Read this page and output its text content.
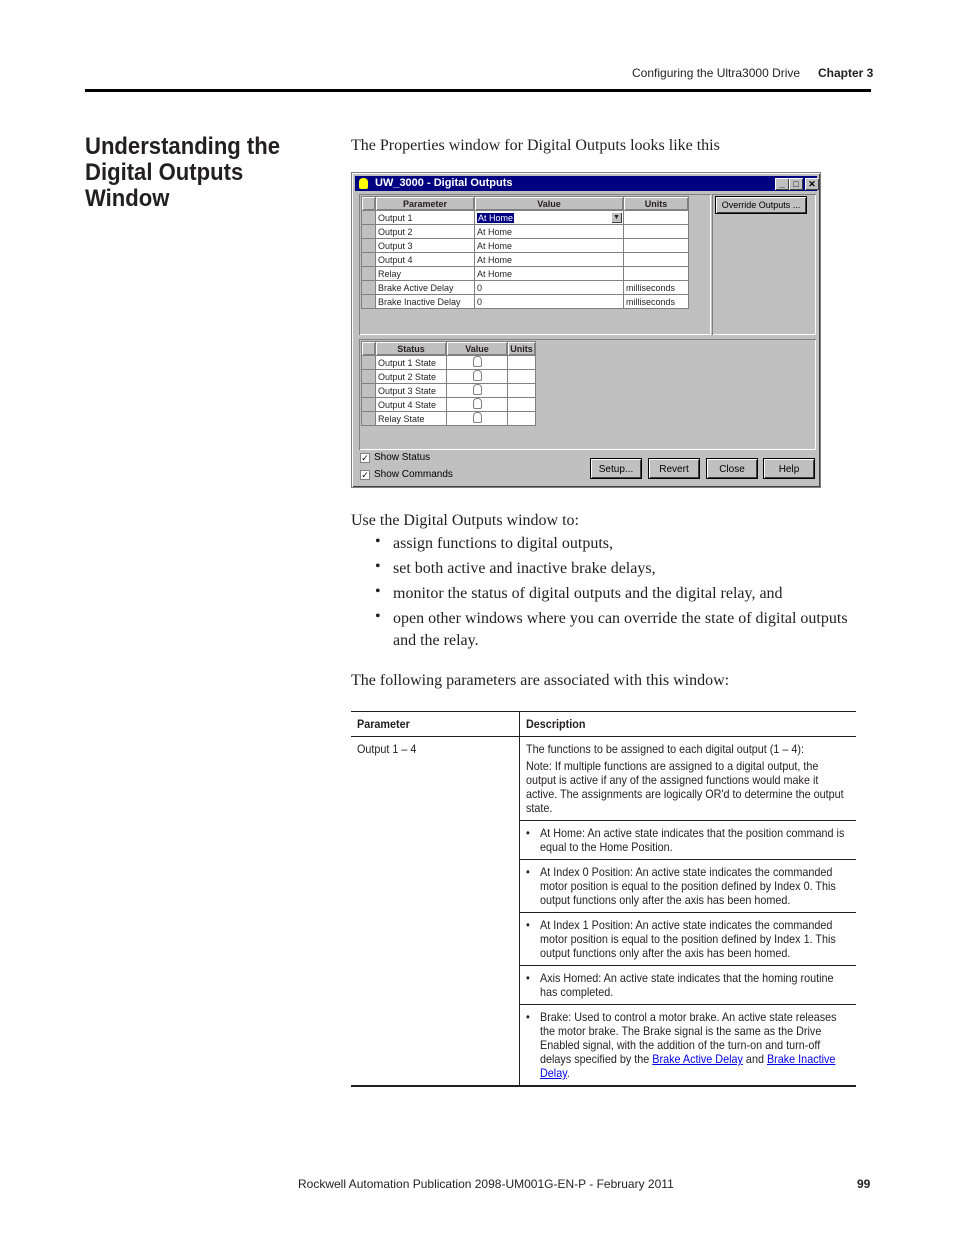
Configuring the Ultra3000 Drive Chapter 3
Understanding the Digital Outputs Window
The Properties window for Digital Outputs looks like this
UW_3000 - Digital Outputs	_ □	✕
	Parameter	Value	Units
	Output 1	At Home ▼	

	Output 2	At Home	
	Output 3	At Home	
	Output 4	At Home	
	Relay	At Home	
	Brake Active Delay	0	milliseconds
	Brake Inactive Delay	0	milliseconds
Override Outputs ...
	Status	Value	Units
	Output 1 State		
	Output 2 State		
	Output 3 State		
	Output 4 State		
	Relay State		
✓ Show Status
✓ Show Commands	Setup...	Revert	Close	Help
Use the Digital Outputs window to:
• assign functions to digital outputs,
• set both active and inactive brake delays,
• monitor the status of digital outputs and the digital relay, and
• open other windows where you can override the state of digital outputs and the relay.
The following parameters are associated with this window:
Parameter	Description
Output 1 – 4	The functions to be assigned to each digital output (1 – 4):
Note: If multiple functions are assigned to a digital output, the output is active if any of the assigned functions would make it active. The assignments are logically OR'd to determine the output state.
• At Home: An active state indicates that the position command is equal to the Home Position.
• At Index 0 Position: An active state indicates the commanded motor position is equal to the position defined by Index 0. This output functions only after the axis has been homed.
• At Index 1 Position: An active state indicates the commanded motor position is equal to the position defined by Index 1. This output functions only after the axis has been homed.
• Axis Homed: An active state indicates that the homing routine has completed.
• Brake: Used to control a motor brake. An active state releases the motor brake. The Brake signal is the same as the Drive Enabled signal, with the addition of the turn-on and turn-off delays specified by the Brake Active Delay and Brake Inactive Delay.
Rockwell Automation Publication 2098-UM001G-EN-P - February 2011	99
